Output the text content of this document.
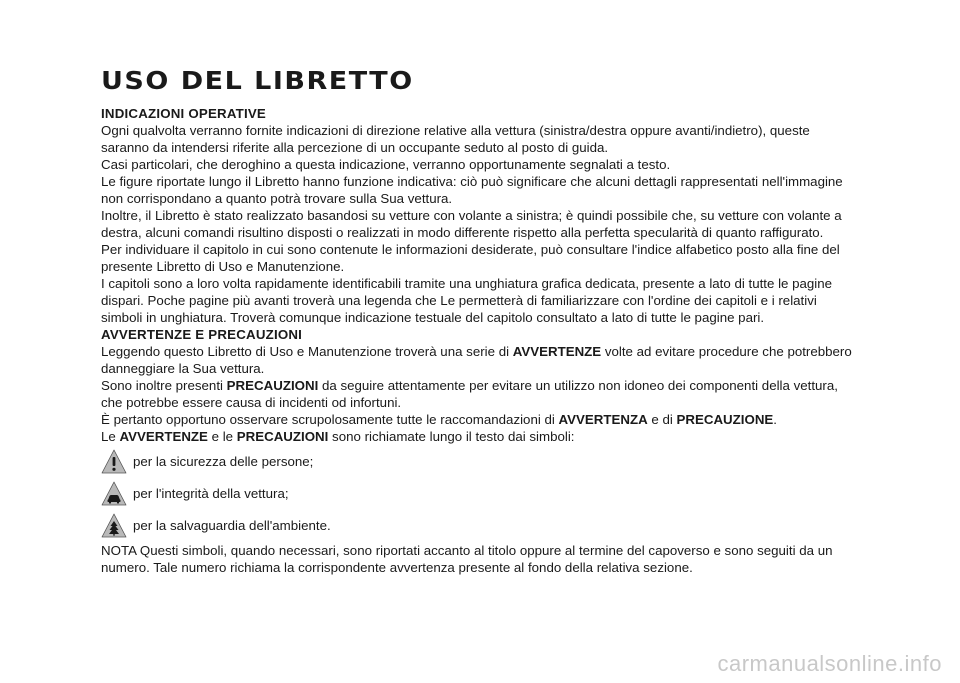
USO DEL LIBRETTO
INDICAZIONI OPERATIVE

Ogni qualvolta verranno fornite indicazioni di direzione relative alla vettura (sinistra/destra oppure avanti/indietro), queste saranno da intendersi riferite alla percezione di un occupante seduto al posto di guida.

Casi particolari, che deroghino a questa indicazione, verranno opportunamente segnalati a testo.

Le figure riportate lungo il Libretto hanno funzione indicativa: ciò può significare che alcuni dettagli rappresentati nell'immagine non corrispondano a quanto potrà trovare sulla Sua vettura.

Inoltre, il Libretto è stato realizzato basandosi su vetture con volante a sinistra; è quindi possibile che, su vetture con volante a destra, alcuni comandi risultino disposti o realizzati in modo differente rispetto alla perfetta specularità di quanto raffigurato.

Per individuare il capitolo in cui sono contenute le informazioni desiderate, può consultare l'indice alfabetico posto alla fine del presente Libretto di Uso e Manutenzione.

I capitoli sono a loro volta rapidamente identificabili tramite una unghiatura grafica dedicata, presente a lato di tutte le pagine dispari. Poche pagine più avanti troverà una legenda che Le permetterà di familiarizzare con l'ordine dei capitoli e i relativi simboli in unghiatura. Troverà comunque indicazione testuale del capitolo consultato a lato di tutte le pagine pari.

AVVERTENZE E PRECAUZIONI

Leggendo questo Libretto di Uso e Manutenzione troverà una serie di AVVERTENZE volte ad evitare procedure che potrebbero danneggiare la Sua vettura.

Sono inoltre presenti PRECAUZIONI da seguire attentamente per evitare un utilizzo non idoneo dei componenti della vettura, che potrebbe essere causa di incidenti od infortuni.

È pertanto opportuno osservare scrupolosamente tutte le raccomandazioni di AVVERTENZA e di PRECAUZIONE.

Le AVVERTENZE e le PRECAUZIONI sono richiamate lungo il testo dai simboli:

per la sicurezza delle persone;
per l'integrità della vettura;
per la salvaguardia dell'ambiente.

NOTA Questi simboli, quando necessari, sono riportati accanto al titolo oppure al termine del capoverso e sono seguiti da un numero. Tale numero richiama la corrispondente avvertenza presente al fondo della relativa sezione.

carmanualsonline.info
